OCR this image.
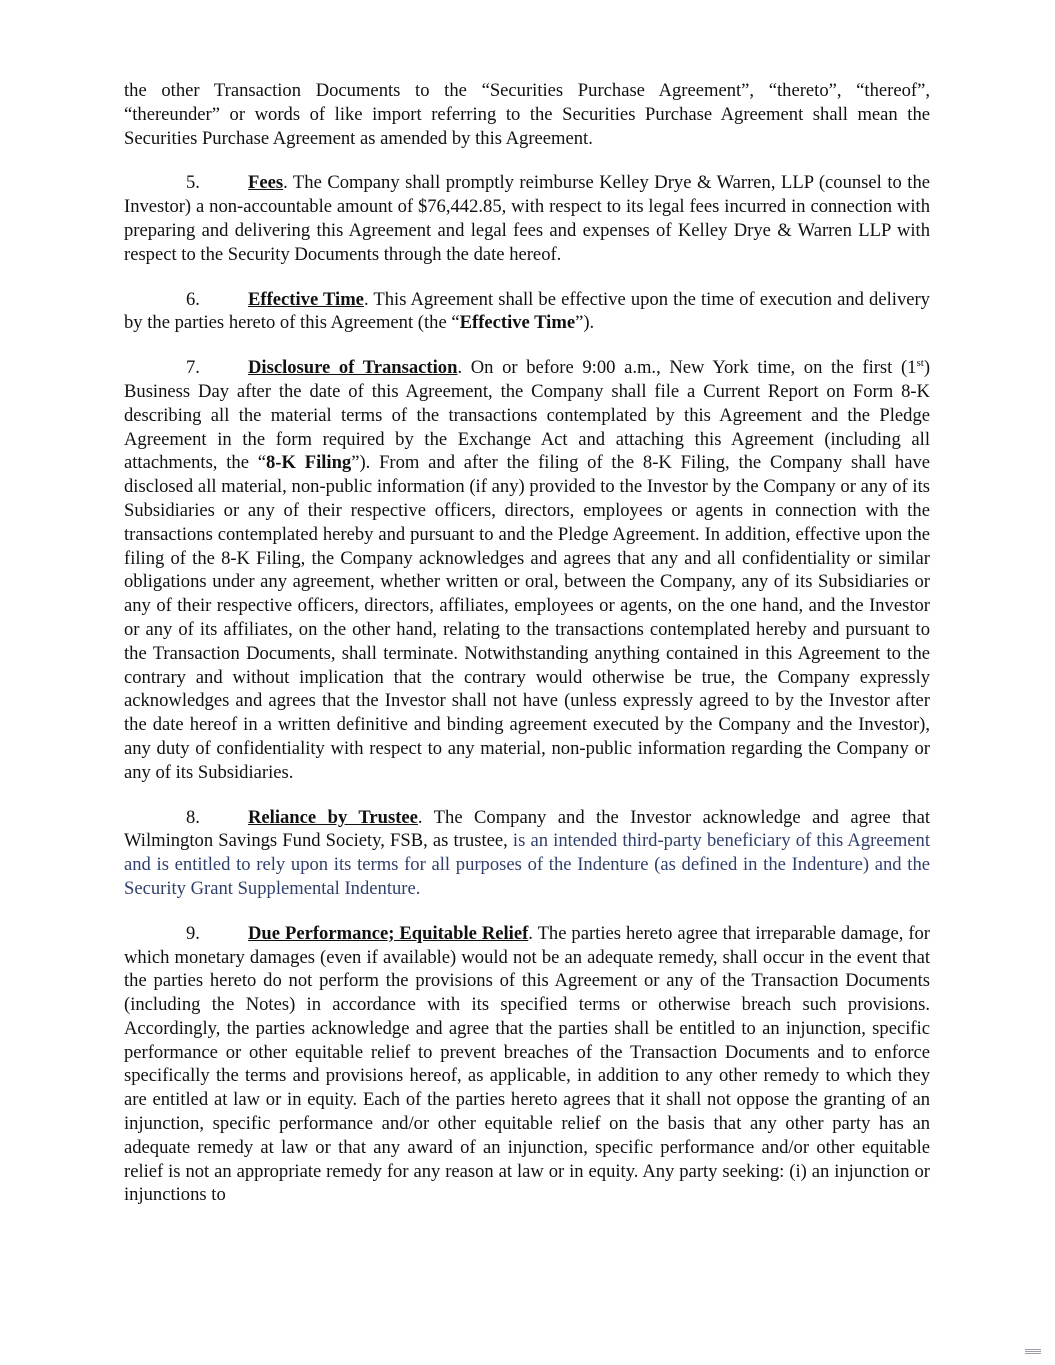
the other Transaction Documents to the “Securities Purchase Agreement”, “thereto”, “thereof”, “thereunder” or words of like import referring to the Securities Purchase Agreement shall mean the Securities Purchase Agreement as amended by this Agreement.

5.	Fees. The Company shall promptly reimburse Kelley Drye & Warren, LLP (counsel to the Investor) a non-accountable amount of $76,442.85, with respect to its legal fees incurred in connection with preparing and delivering this Agreement and legal fees and expenses of Kelley Drye & Warren LLP with respect to the Security Documents through the date hereof.

6.	Effective Time. This Agreement shall be effective upon the time of execution and delivery by the parties hereto of this Agreement (the “Effective Time”).

7.	Disclosure of Transaction. On or before 9:00 a.m., New York time, on the first (1st) Business Day after the date of this Agreement, the Company shall file a Current Report on Form 8-K describing all the material terms of the transactions contemplated by this Agreement and the Pledge Agreement in the form required by the Exchange Act and attaching this Agreement (including all attachments, the “8-K Filing”). From and after the filing of the 8-K Filing, the Company shall have disclosed all material, non-public information (if any) provided to the Investor by the Company or any of its Subsidiaries or any of their respective officers, directors, employees or agents in connection with the transactions contemplated hereby and pursuant to and the Pledge Agreement. In addition, effective upon the filing of the 8-K Filing, the Company acknowledges and agrees that any and all confidentiality or similar obligations under any agreement, whether written or oral, between the Company, any of its Subsidiaries or any of their respective officers, directors, affiliates, employees or agents, on the one hand, and the Investor or any of its affiliates, on the other hand, relating to the transactions contemplated hereby and pursuant to the Transaction Documents, shall terminate. Notwithstanding anything contained in this Agreement to the contrary and without implication that the contrary would otherwise be true, the Company expressly acknowledges and agrees that the Investor shall not have (unless expressly agreed to by the Investor after the date hereof in a written definitive and binding agreement executed by the Company and the Investor), any duty of confidentiality with respect to any material, non-public information regarding the Company or any of its Subsidiaries.

8.	Reliance by Trustee. The Company and the Investor acknowledge and agree that Wilmington Savings Fund Society, FSB, as trustee, is an intended third-party beneficiary of this Agreement and is entitled to rely upon its terms for all purposes of the Indenture (as defined in the Indenture) and the Security Grant Supplemental Indenture.

9.	Due Performance; Equitable Relief. The parties hereto agree that irreparable damage, for which monetary damages (even if available) would not be an adequate remedy, shall occur in the event that the parties hereto do not perform the provisions of this Agreement or any of the Transaction Documents (including the Notes) in accordance with its specified terms or otherwise breach such provisions. Accordingly, the parties acknowledge and agree that the parties shall be entitled to an injunction, specific performance or other equitable relief to prevent breaches of the Transaction Documents and to enforce specifically the terms and provisions hereof, as applicable, in addition to any other remedy to which they are entitled at law or in equity. Each of the parties hereto agrees that it shall not oppose the granting of an injunction, specific performance and/or other equitable relief on the basis that any other party has an adequate remedy at law or that any award of an injunction, specific performance and/or other equitable relief is not an appropriate remedy for any reason at law or in equity. Any party seeking: (i) an injunction or injunctions to
